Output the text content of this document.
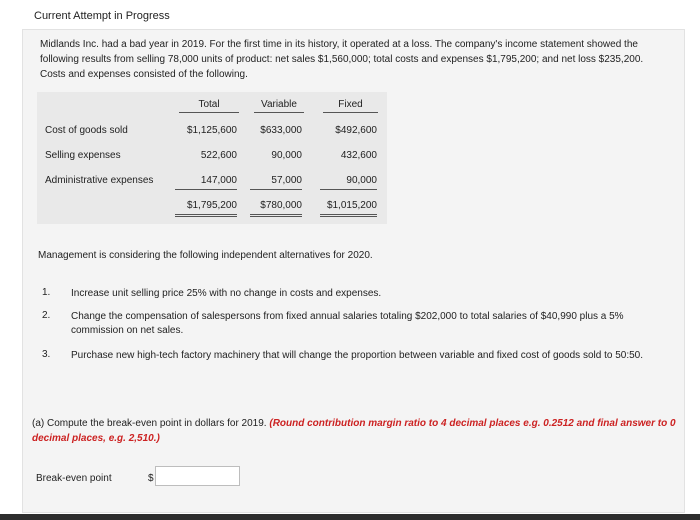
Current Attempt in Progress
Midlands Inc. had a bad year in 2019. For the first time in its history, it operated at a loss. The company's income statement showed the following results from selling 78,000 units of product: net sales $1,560,000; total costs and expenses $1,795,200; and net loss $235,200. Costs and expenses consisted of the following.
Total	Variable	Fixed
Cost of goods sold	$1,125,600	$633,000	$492,600
Selling expenses	522,600	90,000	432,600
Administrative expenses	147,000	57,000	90,000
$1,795,200	$780,000	$1,015,200
Management is considering the following independent alternatives for 2020.
1. Increase unit selling price 25% with no change in costs and expenses.
2. Change the compensation of salespersons from fixed annual salaries totaling $202,000 to total salaries of $40,990 plus a 5% commission on net sales.
3. Purchase new high-tech factory machinery that will change the proportion between variable and fixed cost of goods sold to 50:50.
(a) Compute the break-even point in dollars for 2019. (Round contribution margin ratio to 4 decimal places e.g. 0.2512 and final answer to 0 decimal places, e.g. 2,510.)
Break-even point	$
